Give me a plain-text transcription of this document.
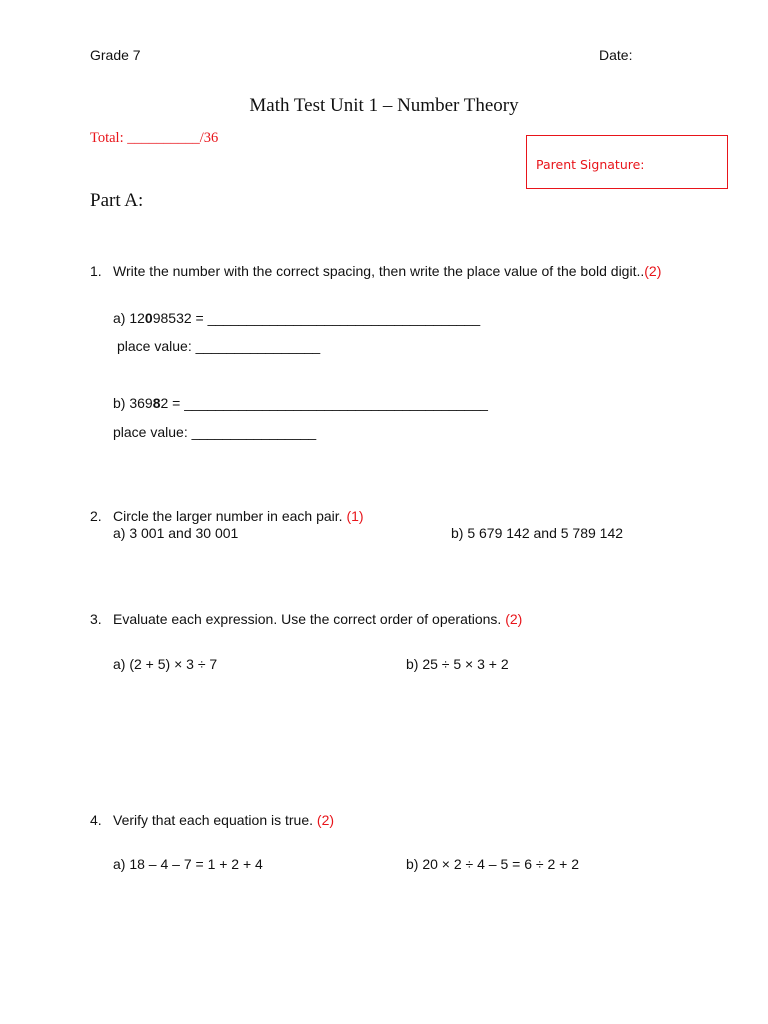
Grade 7	Date:
Math Test Unit 1 – Number Theory
Total: __________/36
Parent Signature:
Part A:
1. Write the number with the correct spacing, then write the place value of the bold digit..(2)
a) 12098532 = ___________________________________
place value: ________________
b) 36982 = _______________________________________
place value: ________________
2. Circle the larger number in each pair. (1)
a) 3 001 and 30 001	b) 5 679 142 and 5 789 142
3. Evaluate each expression. Use the correct order of operations. (2)
a) (2 + 5) × 3 ÷ 7	b) 25 ÷ 5 × 3 + 2
4. Verify that each equation is true. (2)
a) 18 – 4 – 7 = 1 + 2 + 4	b) 20 × 2 ÷ 4 – 5 = 6 ÷ 2 + 2
